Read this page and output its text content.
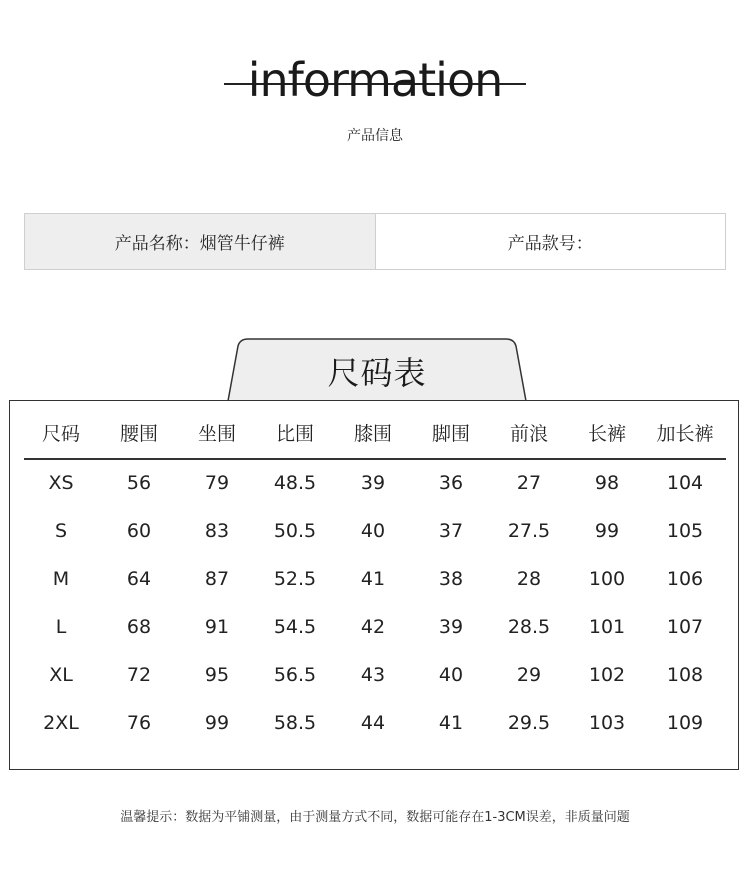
information
产品信息
产品名称：烟管牛仔裤	产品款号：
尺码表
尺码	腰围	坐围	比围	膝围	脚围	前浪	长裤	加长裤
XS	56	79	48.5	39	36	27	98	104
S	60	83	50.5	40	37	27.5	99	105
M	64	87	52.5	41	38	28	100	106
L	68	91	54.5	42	39	28.5	101	107
XL	72	95	56.5	43	40	29	102	108
2XL	76	99	58.5	44	41	29.5	103	109
温馨提示：数据为平铺测量，由于测量方式不同，数据可能存在1-3CM误差，非质量问题
